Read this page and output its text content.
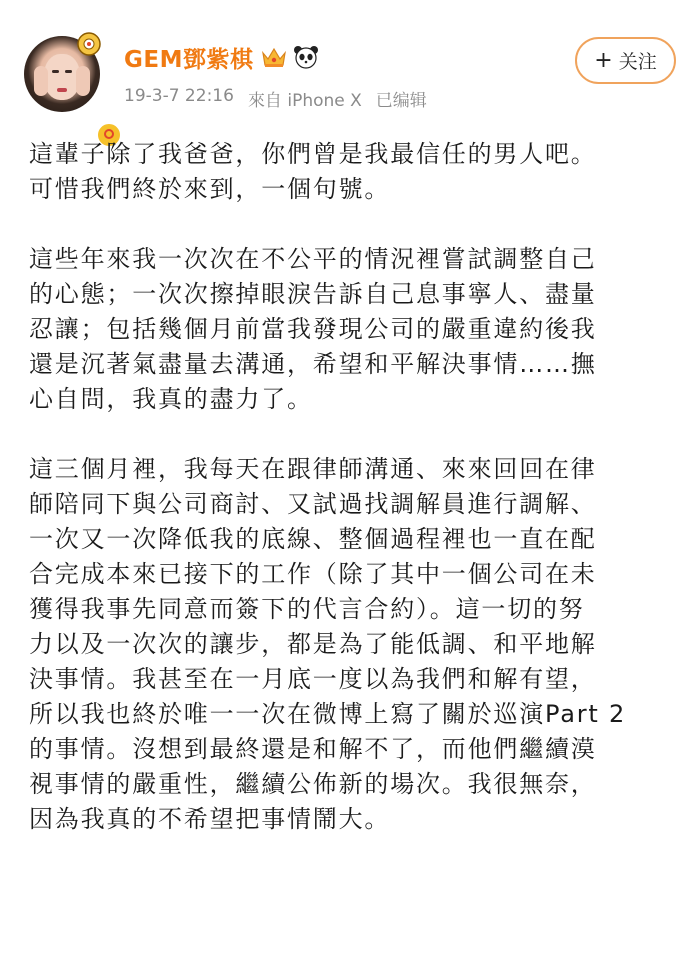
GEM鄧紫棋
19-3-7 22:16 來自 iPhone X 已编辑
+ 关注

這輩子除了我爸爸，你們曾是我最信任的男人吧。
可惜我們終於來到，一個句號。

這些年來我一次次在不公平的情況裡嘗試調整自己
的心態；一次次擦掉眼淚告訴自己息事寧人、盡量
忍讓；包括幾個月前當我發現公司的嚴重違約後我
還是沉著氣盡量去溝通，希望和平解決事情……撫
心自問，我真的盡力了。

這三個月裡，我每天在跟律師溝通、來來回回在律
師陪同下與公司商討、又試過找調解員進行調解、
一次又一次降低我的底線、整個過程裡也一直在配
合完成本來已接下的工作（除了其中一個公司在未
獲得我事先同意而簽下的代言合約）。這一切的努
力以及一次次的讓步，都是為了能低調、和平地解
決事情。我甚至在一月底一度以為我們和解有望，
所以我也終於唯一一次在微博上寫了關於巡演Part 2
的事情。沒想到最終還是和解不了，而他們繼續漠
視事情的嚴重性，繼續公佈新的場次。我很無奈，
因為我真的不希望把事情鬧大。
